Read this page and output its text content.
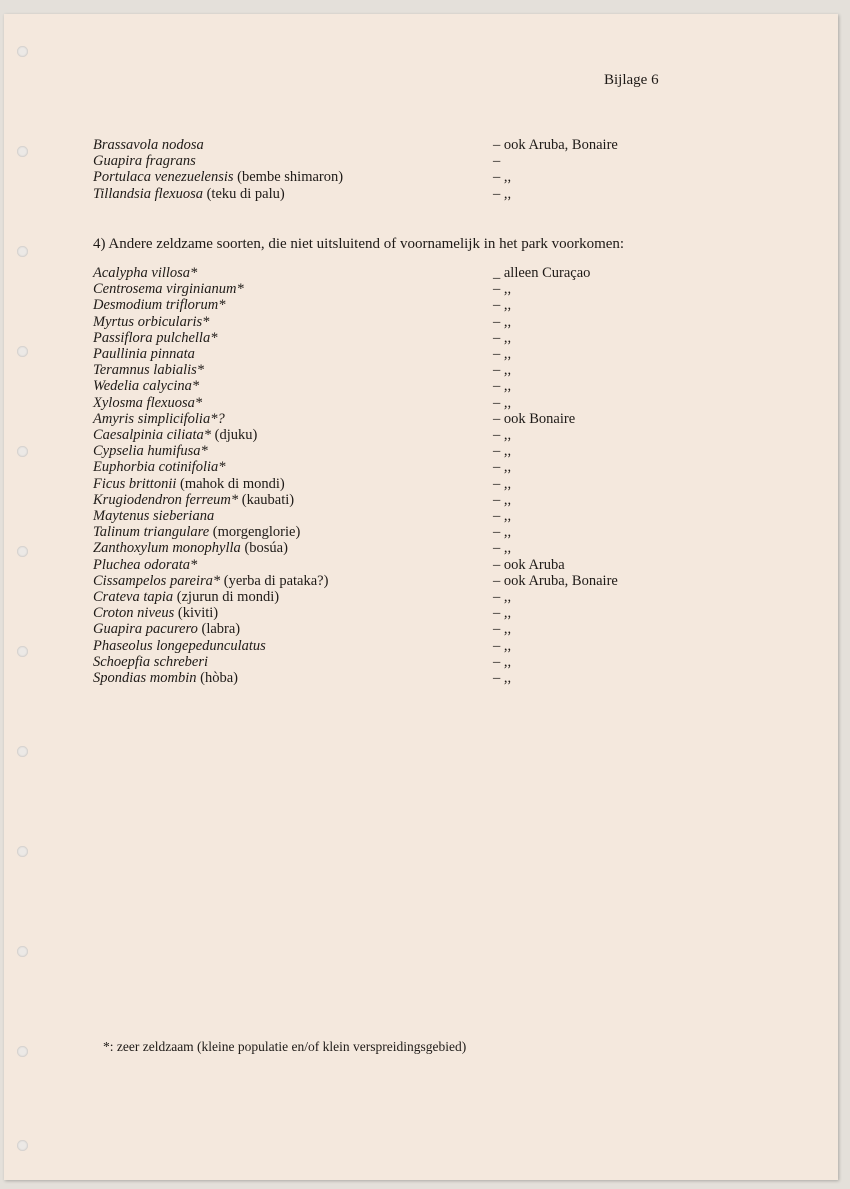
Bijlage 6
Brassavola nodosa	– ook Aruba, Bonaire
Guapira fragrans	–
Portulaca venezuelensis (bembe shimaron)	– ,,
Tillandsia flexuosa (teku di palu)	– ,,
4) Andere zeldzame soorten, die niet uitsluitend of voornamelijk in het park voorkomen:
Acalypha villosa*	_ alleen Curaçao
Centrosema virginianum*	– ,,
Desmodium triflorum*	– ,,
Myrtus orbicularis*	– ,,
Passiflora pulchella*	– ,,
Paullinia pinnata	– ,,
Teramnus labialis*	– ,,
Wedelia calycina*	– ,,
Xylosma flexuosa*	– ,,
Amyris simplicifolia*?	– ook Bonaire
Caesalpinia ciliata* (djuku)	– ,,
Cypselia humifusa*	– ,,
Euphorbia cotinifolia*	– ,,
Ficus brittonii (mahok di mondi)	– ,,
Krugiodendron ferreum* (kaubati)	– ,,
Maytenus sieberiana	– ,,
Talinum triangulare (morgenglorie)	– ,,
Zanthoxylum monophylla (bosúa)	– ,,
Pluchea odorata*	– ook Aruba
Cissampelos pareira* (yerba di pataka?)	– ook Aruba, Bonaire
Crateva tapia (zjurun di mondi)	– ,,
Croton niveus (kiviti)	– ,,
Guapira pacurero (labra)	– ,,
Phaseolus longepedunculatus	– ,,
Schoepfia schreberi	– ,,
Spondias mombin (hòba)	– ,,
*: zeer zeldzaam (kleine populatie en/of klein verspreidingsgebied)
